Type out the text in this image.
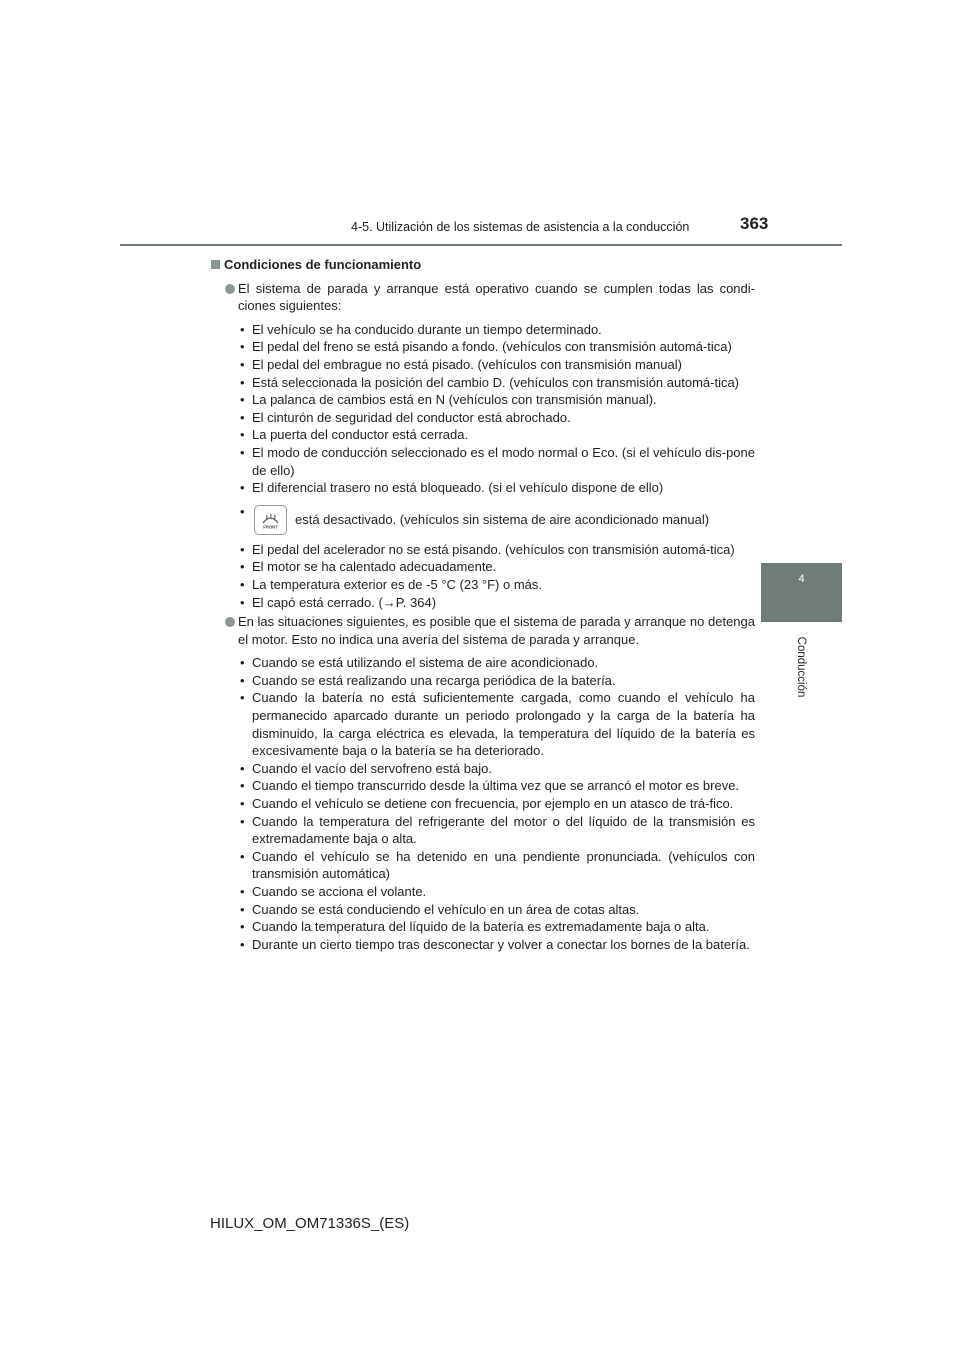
4-5. Utilización de los sistemas de asistencia a la conducción	363
4
Conducción
Condiciones de funcionamiento
El sistema de parada y arranque está operativo cuando se cumplen todas las condi-ciones siguientes:
• El vehículo se ha conducido durante un tiempo determinado.
• El pedal del freno se está pisando a fondo. (vehículos con transmisión automá-tica)
• El pedal del embrague no está pisado. (vehículos con transmisión manual)
• Está seleccionada la posición del cambio D. (vehículos con transmisión automá-tica)
• La palanca de cambios está en N (vehículos con transmisión manual).
• El cinturón de seguridad del conductor está abrochado.
• La puerta del conductor está cerrada.
• El modo de conducción seleccionado es el modo normal o Eco. (si el vehículo dis-pone de ello)
• El diferencial trasero no está bloqueado. (si el vehículo dispone de ello)
• FRONT está desactivado. (vehículos sin sistema de aire acondicionado manual)
• El pedal del acelerador no se está pisando. (vehículos con transmisión automá-tica)
• El motor se ha calentado adecuadamente.
• La temperatura exterior es de -5 °C (23 °F) o más.
• El capó está cerrado. (→P. 364)
En las situaciones siguientes, es posible que el sistema de parada y arranque no detenga el motor. Esto no indica una avería del sistema de parada y arranque.
• Cuando se está utilizando el sistema de aire acondicionado.
• Cuando se está realizando una recarga periódica de la batería.
• Cuando la batería no está suficientemente cargada, como cuando el vehículo ha permanecido aparcado durante un periodo prolongado y la carga de la batería ha disminuido, la carga eléctrica es elevada, la temperatura del líquido de la batería es excesivamente baja o la batería se ha deteriorado.
• Cuando el vacío del servofreno está bajo.
• Cuando el tiempo transcurrido desde la última vez que se arrancó el motor es breve.
• Cuando el vehículo se detiene con frecuencia, por ejemplo en un atasco de trá-fico.
• Cuando la temperatura del refrigerante del motor o del líquido de la transmisión es extremadamente baja o alta.
• Cuando el vehículo se ha detenido en una pendiente pronunciada. (vehículos con transmisión automática)
• Cuando se acciona el volante.
• Cuando se está conduciendo el vehículo en un área de cotas altas.
• Cuando la temperatura del líquido de la batería es extremadamente baja o alta.
• Durante un cierto tiempo tras desconectar y volver a conectar los bornes de la batería.
HILUX_OM_OM71336S_(ES)
